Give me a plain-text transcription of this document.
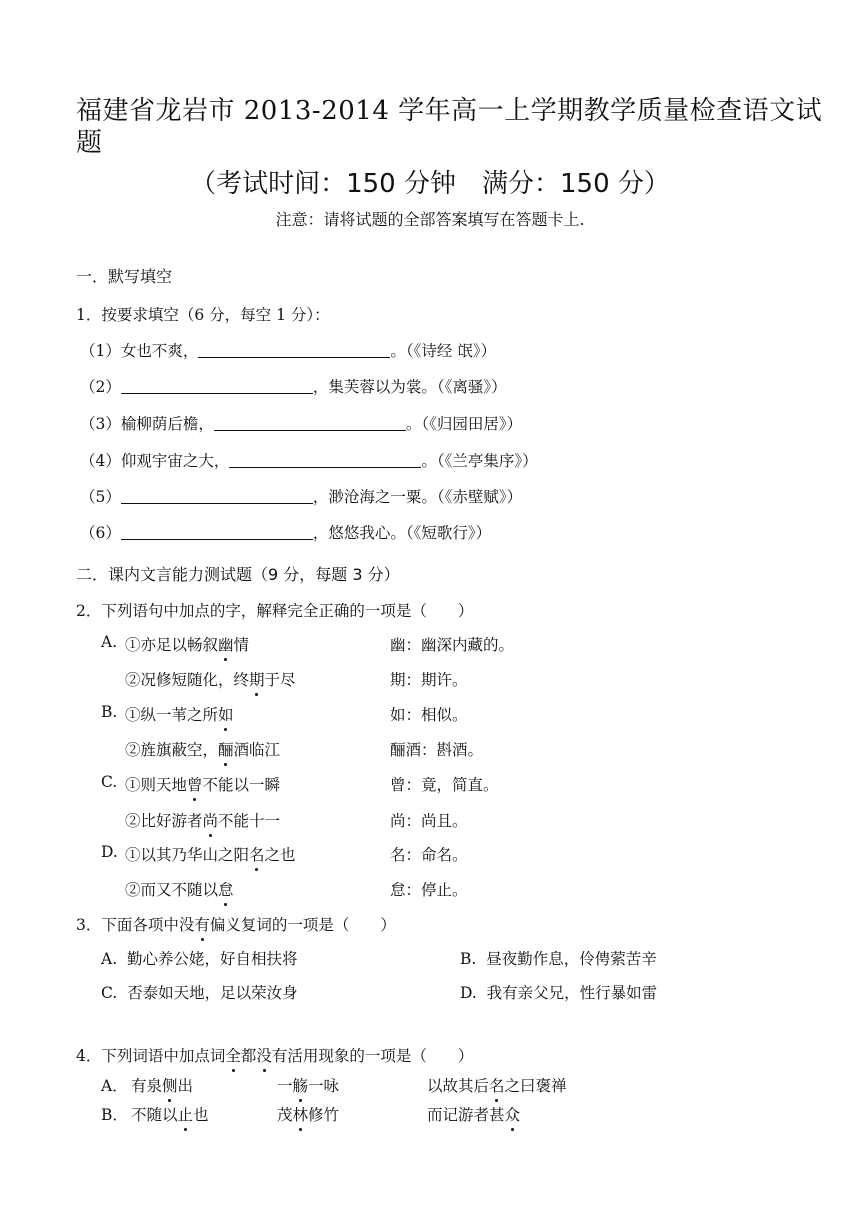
福建省龙岩市 2013-2014 学年高一上学期教学质量检查语文试
题
（考试时间：150 分钟　满分：150 分）
注意：请将试题的全部答案填写在答题卡上.
一．默写填空
1．按要求填空（6 分，每空 1 分）：
（1）女也不爽，	。（《诗经 氓》）
（2）	，集芙蓉以为裳。（《离骚》）
（3）榆柳荫后檐，	。（《归园田居》）
（4）仰观宇宙之大，	。（《兰亭集序》）
（5）	，渺沧海之一粟。（《赤壁赋》）
（6）	，悠悠我心。（《短歌行》）
二．课内文言能力测试题（9 分，每题 3 分）
2．下列语句中加点的字，解释完全正确的一项是（　　）
A. ①亦足以畅叙幽情	幽：幽深内藏的。
②况修短随化，终期于尽	期：期许。
B. ①纵一苇之所如	如：相似。
②旌旗蔽空，酾酒临江	酾酒：斟酒。
C. ①则天地曾不能以一瞬	曾：竟，简直。
②比好游者尚不能十一	尚：尚且。
D. ①以其乃华山之阳名之也	名：命名。
②而又不随以怠	怠：停止。
3．下面各项中没有偏义复词的一项是（　　）
A. 勤心养公姥，好自相扶将	B. 昼夜勤作息，伶俜萦苦辛
C. 否泰如天地，足以荣汝身	D. 我有亲父兄，性行暴如雷
4．下列词语中加点词全都没有活用现象的一项是（　　）
A． 有泉侧出	一觞一咏	以故其后名之曰褒禅
B． 不随以止也	茂林修竹	而记游者甚众
